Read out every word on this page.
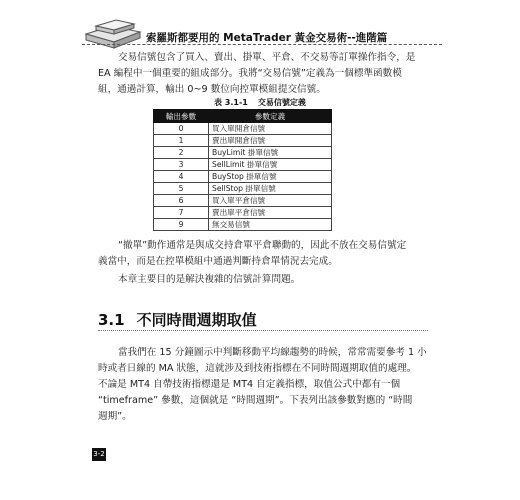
索羅斯都要用的 MetaTrader 黃金交易術--進階篇
交易信號包含了買入、賣出、掛單、平倉、不交易等訂單操作指令，是
EA 編程中一個重要的組成部分。我將“交易信號”定義為一個標準函數模
組，通過計算，輸出 0~9 數位向控單模組提交信號。
表 3.1-1 交易信號定義
輸出參數	參數定義
0	買入單開倉信號
1	賣出單開倉信號
2	BuyLimit 掛單信號
3	SellLimit 掛單信號
4	BuyStop 掛單信號
5	SellStop 掛單信號
6	買入單平倉信號
7	賣出單平倉信號
9	無交易信號
“撤單”動作通常是與成交持倉單平倉聯動的，因此不放在交易信號定
義當中，而是在控單模組中通過判斷持倉單情況去完成。
本章主要目的是解決複雜的信號計算問題。
3.1 不同時間週期取值
當我們在 15 分鐘圖示中判斷移動平均線趨勢的時候，常常需要參考 1 小
時或者日線的 MA 狀態，這就涉及到技術指標在不同時間週期取值的處理。
不論是 MT4 自帶技術指標還是 MT4 自定義指標，取值公式中都有一個
“timeframe” 參數，這個就是 “時間週期”。下表列出該參數對應的 “時間
週期”。
3-2
